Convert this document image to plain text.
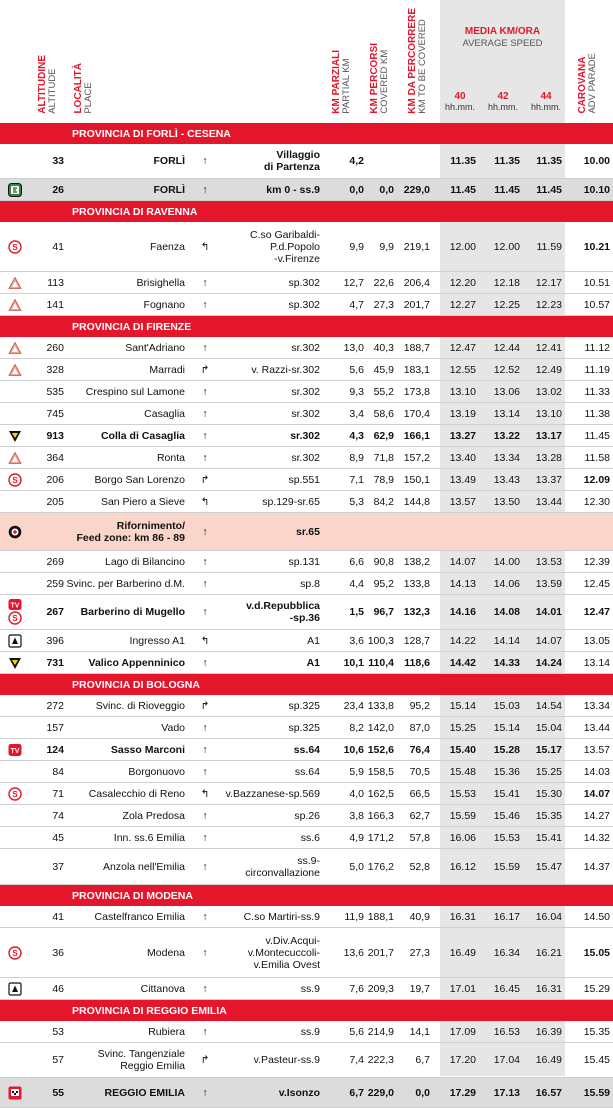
ALTITUDINE ALTITUDE LOCALITÀ PLACE	KM PARZIALI PARTIAL KM KM PERCORSI COVERED KM KM DA PERCORRERE KM TO BE COVERED	MEDIA KM/ORA
AVERAGE SPEED
40
hh.mm.
42
hh.mm.
44
hh.mm.	CAROVANA ADV PARADE
PROVINCIA DI FORLÌ - CESENA
33	FORLÌ	↑
Villaggio
di Partenza	4,2	11.35	11.35	11.35	10.00
26	FORLÌ	↑	km 0 - ss.9	0,0	0,0 229,0	11.45	11.45	11.45	10.10
PROVINCIA DI RAVENNA
S	41	Faenza ↰
C.so Garibaldi-
P.d.Popolo
-v.Firenze
9,9	9,9 219,1	12.00	12.00	11.59	10.21
113	Brisighella	↑	sp.302	12,7 22,6 206,4	12.20	12.18	12.17	10.51
141	Fognano	↑	sp.302	4,7 27,3 201,7	12.27	12.25	12.23	10.57
PROVINCIA DI FIRENZE
260	Sant'Adriano	↑	sr.302	13,0 40,3 188,7	12.47	12.44	12.41	11.12
328	Marradi ↱	v. Razzi-sr.302	5,6 45,9 183,1	12.55	12.52	12.49	11.19
535	Crespino sul Lamone	↑	sr.302	9,3 55,2 173,8	13.10	13.06	13.02	11.33
745	Casaglia	↑	sr.302	3,4 58,6 170,4	13.19	13.14	13.10	11.38
913	Colla di Casaglia	↑	sr.302	4,3 62,9 166,1	13.27	13.22	13.17	11.45
364	Ronta	↑	sr.302	8,9 71,8 157,2	13.40	13.34	13.28	11.58
S	206	Borgo San Lorenzo ↱	sp.551	7,1 78,9 150,1	13.49	13.43	13.37	12.09
205	San Piero a Sieve ↰	sp.129-sr.65	5,3 84,2 144,8	13.57	13.50	13.44	12.30
Rifornimento/
Feed zone: km 86 - 89	↑	sr.65
269	Lago di Bilancino	↑	sp.131	6,6 90,8 138,2	14.07	14.00	13.53	12.39
259 Svinc. per Barberino d.M.	↑	sp.8	4,4 95,2 133,8	14.13	14.06	13.59	12.45
TV
S
267	Barberino di Mugello	↑
v.d.Repubblica
-sp.36	1,5 96,7 132,3	14.16	14.08	14.01	12.47
396	Ingresso A1 ↰	A1	3,6 100,3 128,7	14.22	14.14	14.07	13.05
731	Valico Appenninico	↑	A1	10,1 110,4 118,6	14.42	14.33	14.24	13.14
PROVINCIA DI BOLOGNA
272	Svinc. di Rioveggio ↱	sp.325	23,4 133,8	95,2	15.14	15.03	14.54	13.34
157	Vado	↑	sp.325	8,2 142,0	87,0	15.25	15.14	15.04	13.44
TV	124	Sasso Marconi	↑	ss.64	10,6 152,6	76,4	15.40	15.28	15.17	13.57
84	Borgonuovo	↑	ss.64	5,9 158,5	70,5	15.48	15.36	15.25	14.03
S	71	Casalecchio di Reno ↰	v.Bazzanese-sp.569	4,0 162,5	66,5	15.53	15.41	15.30	14.07
74	Zola Predosa	↑	sp.26	3,8 166,3	62,7	15.59	15.46	15.35	14.27
45	Inn. ss.6 Emilia	↑	ss.6	4,9 171,2	57,8	16.06	15.53	15.41	14.32
37	Anzola nell'Emilia	↑
ss.9-
circonvallazione	5,0 176,2	52,8	16.12	15.59	15.47	14.37
PROVINCIA DI MODENA
41	Castelfranco Emilia	↑	C.so Martiri-ss.9	11,9 188,1	40,9	16.31	16.17	16.04	14.50
S	36	Modena	↑
v.Div.Acqui-
v.Montecuccoli-
v.Emilia Ovest
13,6 201,7	27,3	16.49	16.34	16.21	15.05
46	Cittanova	↑	ss.9	7,6 209,3	19,7	17.01	16.45	16.31	15.29
PROVINCIA DI REGGIO EMILIA
53	Rubiera	↑	ss.9	5,6 214,9	14,1	17.09	16.53	16.39	15.35
57
Svinc. Tangenziale
Reggio Emilia ↱	v.Pasteur-ss.9	7,4 222,3	6,7	17.20	17.04	16.49	15.45
55	REGGIO EMILIA	↑	v.Isonzo	6,7 229,0	0,0	17.29	17.13	16.57	15.59
